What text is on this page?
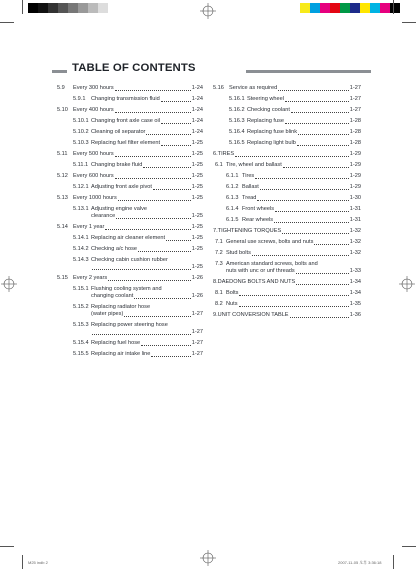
TABLE OF CONTENTS
5.9	Every 300 hours	1-24
5.9.1 Changing transmission fluid	1-24
5.10 Every 400 hours	1-24
5.10.1 Changing front axle case oil	1-24
5.10.2 Cleaning oil separator	1-24
5.10.3 Replacing fuel filter element	1-25
5.11 Every 500 hours	1-25
5.11.1 Changing brake fluid	1-25
5.12 Every 600 hours	1-25
5.12.1 Adjusting front axle pivot	1-25
5.13 Every 1000 hours	1-25
5.13.1 Adjusting engine valve
clearance	1-25
5.14 Every 1 year	1-25
5.14.1 Replacing air cleaner element	1-25
5.14.2 Checking a/c hose	1-25
5.14.3 Checking cabin cushion rubber
1-25
5.15 Every 2 years	1-26
5.15.1 Flushing cooling system and
changing coolant	1-26
5.15.2 Replacing radiator hose
(water pipes)	1-27
5.15.3 Replacing power steering hose
1-27
5.15.4 Replacing fuel hose	1-27
5.15.5 Replacing air intake line	1-27
5.16 Service as required	1-27
5.16.1 Steering wheel	1-27
5.16.2 Checking coolant	1-27
5.16.3 Replacing fuse	1-28
5.16.4 Replacing fuse blink	1-28
5.16.5 Replacing light bulb	1-28
6. TIRES	1-29
6.1 Tire, wheel and ballast	1-29
6.1.1 Tires	1-29
6.1.2 Ballast	1-29
6.1.3 Tread	1-30
6.1.4 Front wheels	1-31
6.1.5 Rear wheels	1-31
7. TIGHTENING TORQUES	1-32
7.1 General use screws, bolts and nuts	1-32
7.2 Stud bolts	1-32
7.3 American standard screws, bolts and
nuts with unc or unf threads	1-33
8. DAEDONG BOLTS AND NUTS	1-34
8.1 Bolts	1-34
8.2 Nuts	1-35
9. UNIT CONVERSION TABLE	1-36
M25 indb 2	2007-11-05 오후 3:36:18
